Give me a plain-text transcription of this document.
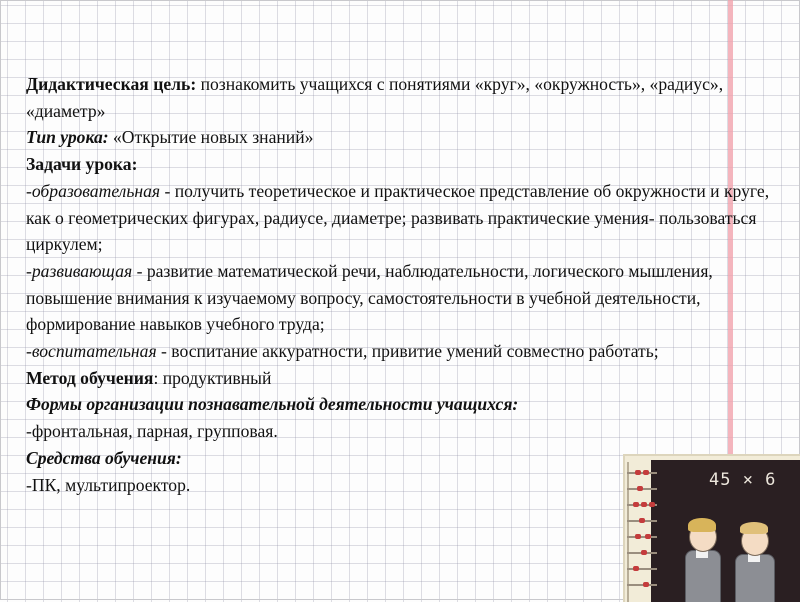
Дидактическая цель: познакомить учащихся с понятиями «круг», «окружность», «радиус», «диаметр»

Тип урока: «Открытие новых знаний»

Задачи урока:

-образовательная - получить теоретическое и практическое представление об окружности и круге, как о геометрических фигурах, радиусе, диаметре; развивать практические умения- пользоваться циркулем;

-развивающая - развитие математической речи, наблюдательности, логического мышления, повышение внимания к изучаемому вопросу, самостоятельности в учебной деятельности, формирование навыков учебного труда;

-воспитательная - воспитание аккуратности, привитие умений совместно работать;

Метод обучения: продуктивный

Формы организации познавательной деятельности учащихся:

-фронтальная, парная, групповая.

Средства обучения:

-ПК, мультипроектор.	45 × 6
